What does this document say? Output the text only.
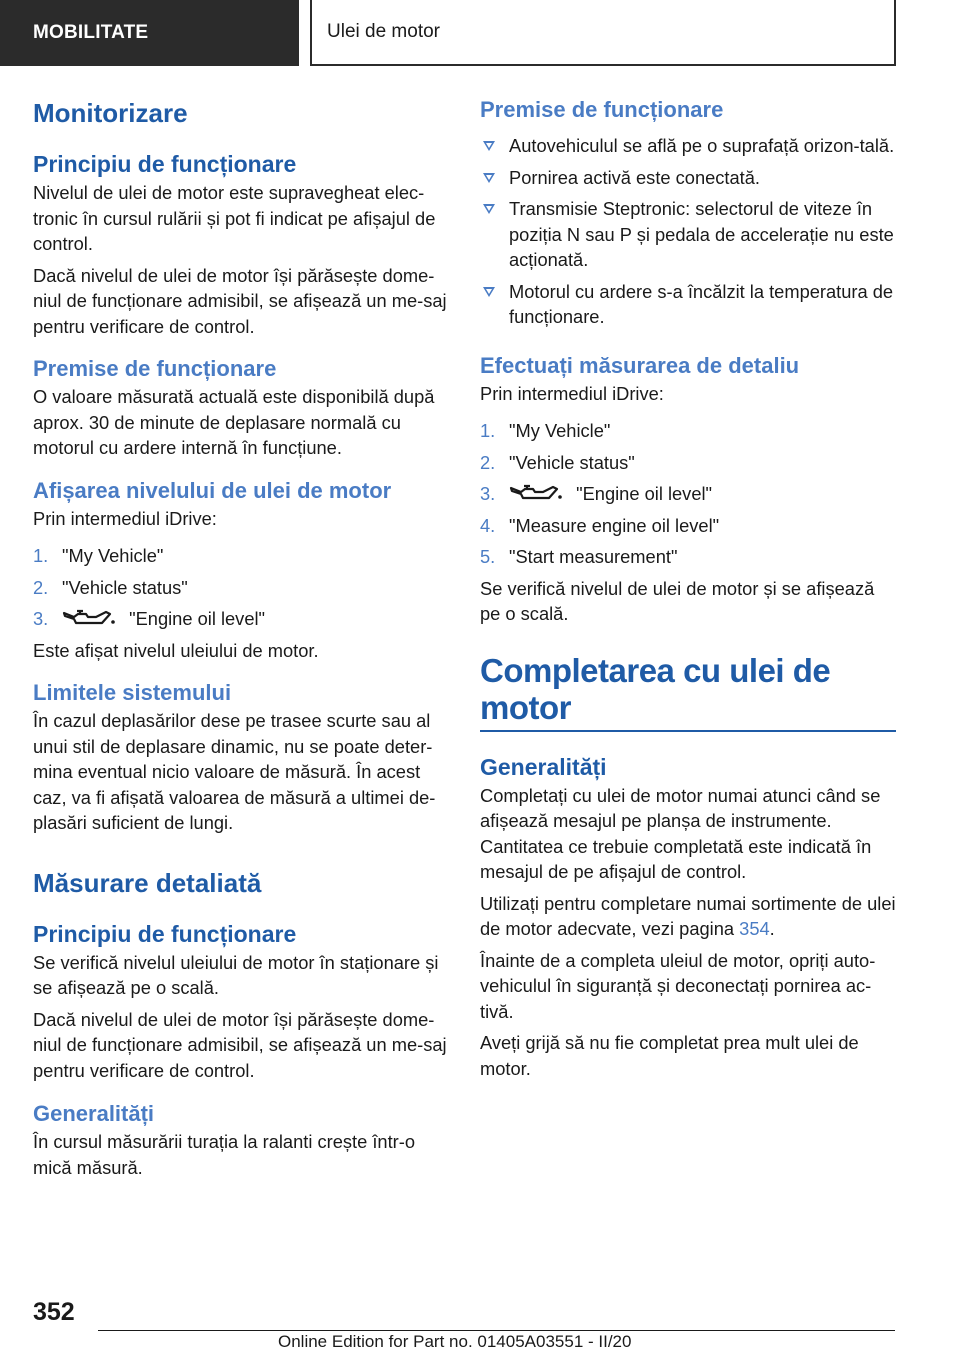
MOBILITATE	Ulei de motor
Monitorizare
Principiu de funcționare

Nivelul de ulei de motor este supravegheat elec-tronic în cursul rulării și pot fi indicat pe afișajul de control.

Dacă nivelul de ulei de motor își părăsește dome-niul de funcționare admisibil, se afișează un me-saj pentru verificare de control.

Premise de funcționare

O valoare măsurată actuală este disponibilă după aprox. 30 de minute de deplasare normală cu motorul cu ardere internă în funcțiune.

Afișarea nivelului de ulei de motor

Prin intermediul iDrive:

1. "My Vehicle"
2. "Vehicle status"
3.	"Engine oil level"

Este afișat nivelul uleiului de motor.

Limitele sistemului

În cazul deplasărilor dese pe trasee scurte sau al unui stil de deplasare dinamic, nu se poate deter-mina eventual nicio valoare de măsură. În acest caz, va fi afișată valoarea de măsură a ultimei de-plasări suficient de lungi.

Măsurare detaliată
Principiu de funcționare

Se verifică nivelul uleiului de motor în staționare și se afișează pe o scală.

Dacă nivelul de ulei de motor își părăsește dome-niul de funcționare admisibil, se afișează un me-saj pentru verificare de control.

Generalități

În cursul măsurării turația la ralanti crește într-o mică măsură.

Premise de funcționare
Autovehiculul se află pe o suprafață orizon-tală.
Pornirea activă este conectată.
Transmisie Steptronic: selectorul de viteze în poziția N sau P și pedala de accelerație nu este acționată.
Motorul cu ardere s-a încălzit la temperatura de funcționare.
Efectuați măsurarea de detaliu

Prin intermediul iDrive:

1. "My Vehicle"
2. "Vehicle status"
3.	"Engine oil level"
4. "Measure engine oil level"
5. "Start measurement"

Se verifică nivelul de ulei de motor și se afișează pe o scală.

Completarea cu ulei de motor
Generalități

Completați cu ulei de motor numai atunci când se afișează mesajul pe planșa de instrumente. Cantitatea ce trebuie completată este indicată în mesajul de pe afișajul de control.

Utilizați pentru completare numai sortimente de ulei de motor adecvate, vezi pagina 354.

Înainte de a completa uleiul de motor, opriți auto-vehiculul în siguranță și deconectați pornirea ac-tivă.

Aveți grijă să nu fie completat prea mult ulei de motor.

352
Online Edition for Part no. 01405A03551 - II/20
